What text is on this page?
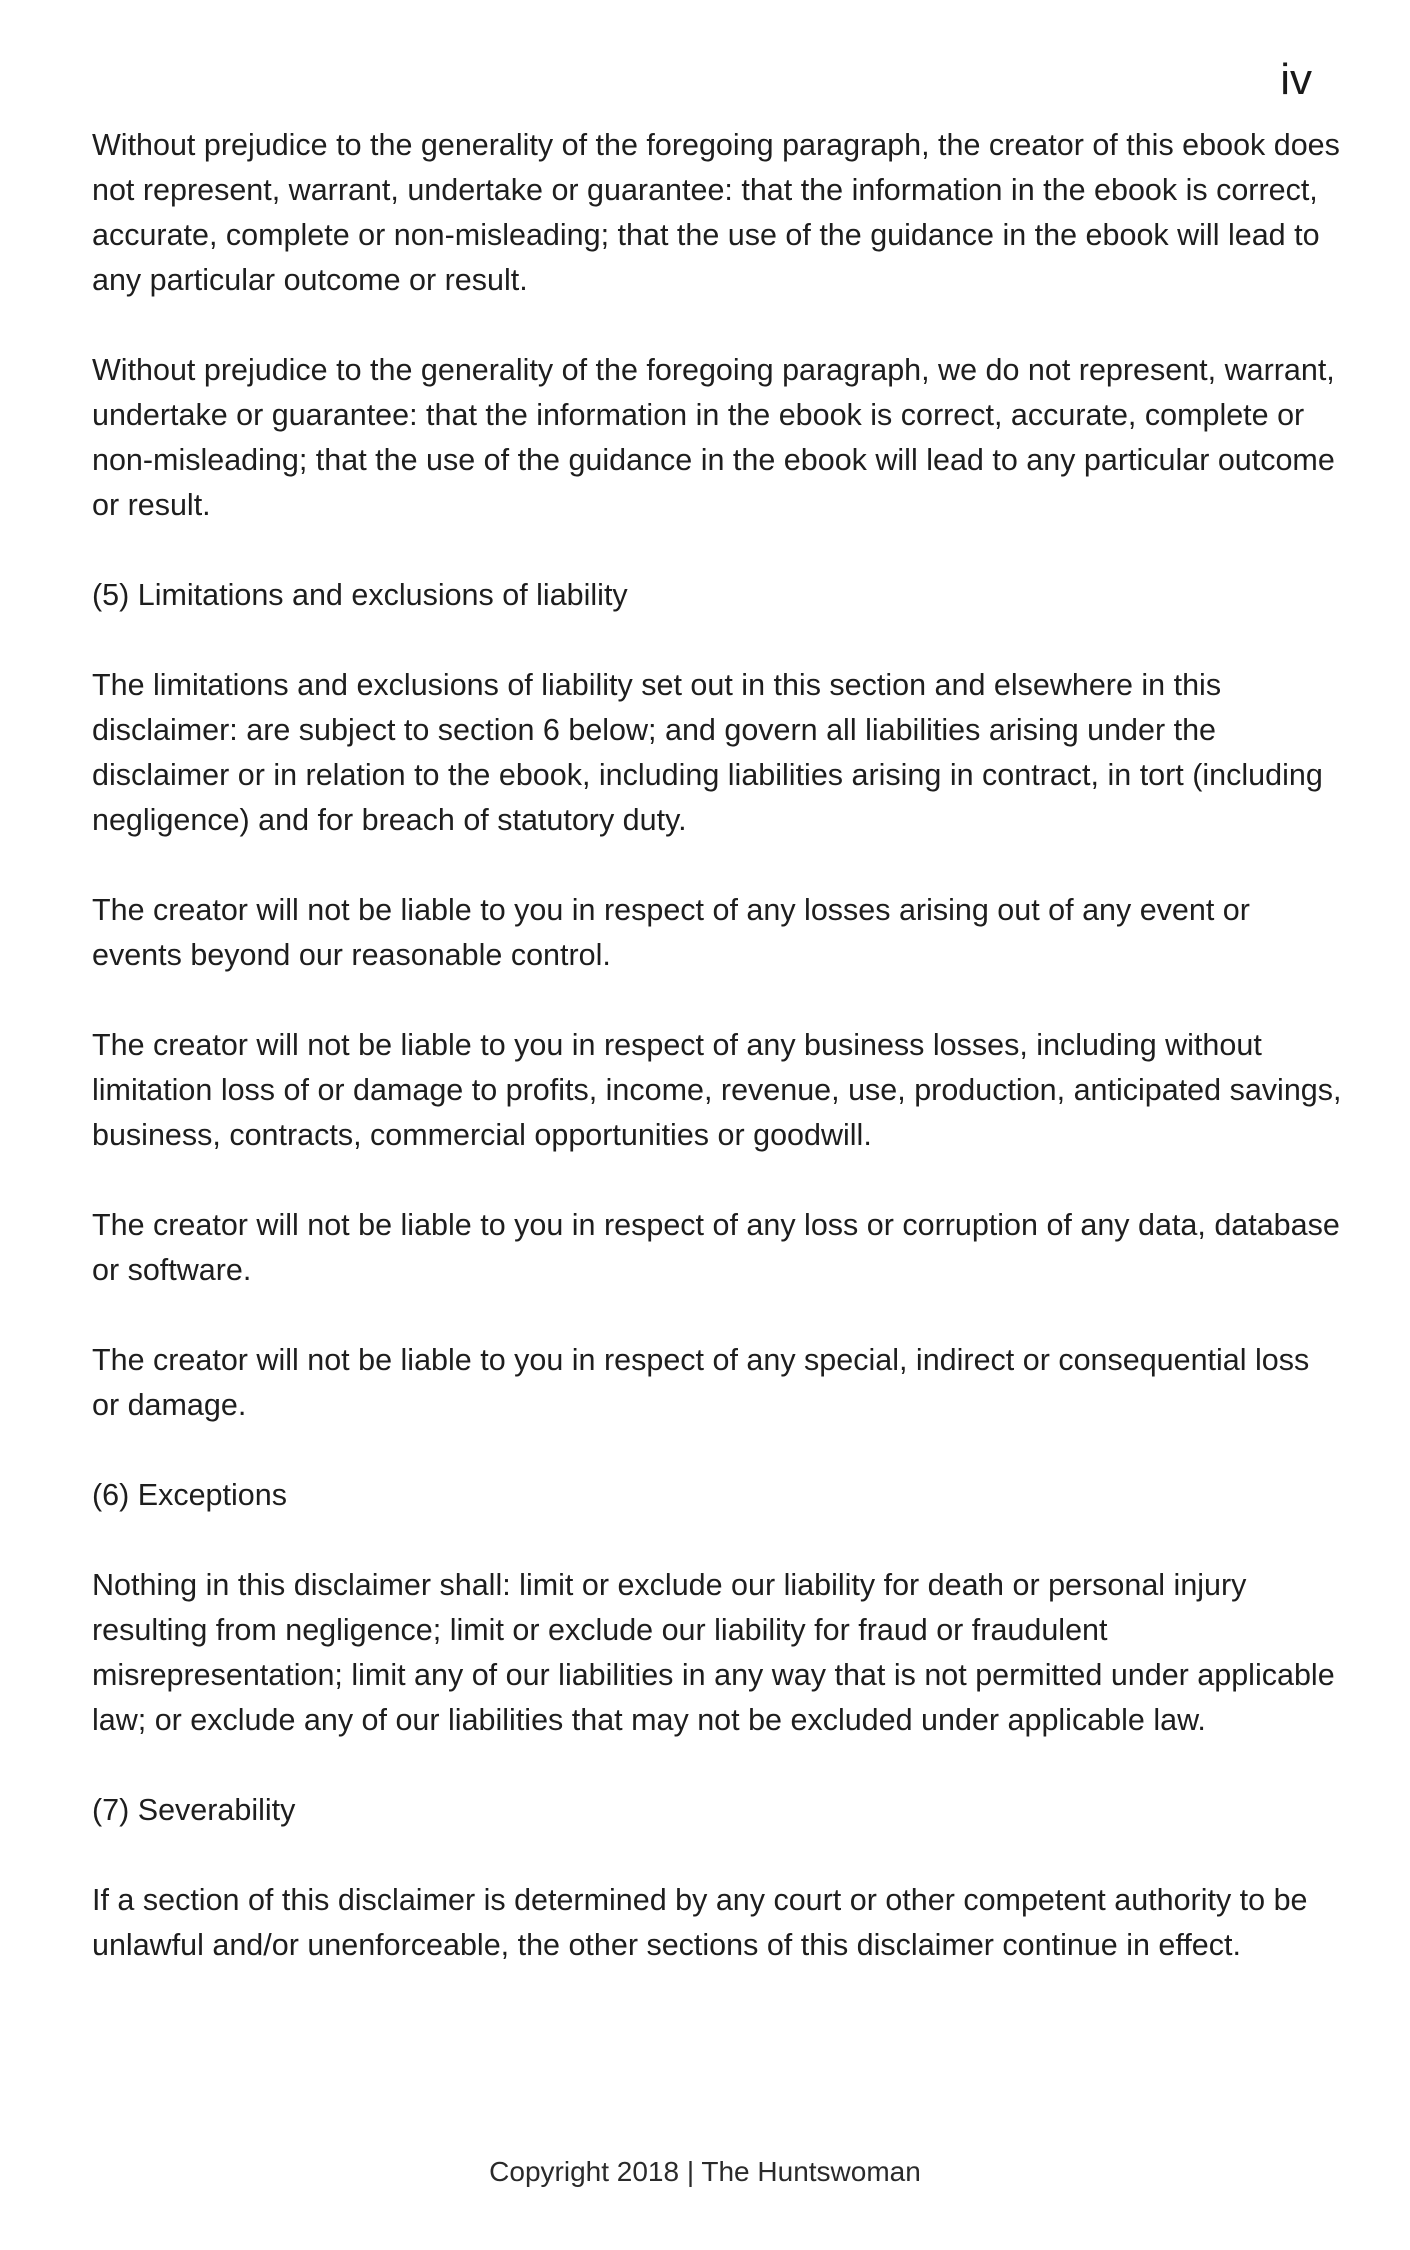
iv

Without prejudice to the generality of the foregoing paragraph, the creator of this ebook does  not represent, warrant, undertake or guarantee: that the information in the ebook is correct, accurate, complete or non-misleading; that the use of the guidance in the ebook will lead to any particular outcome or result.

Without prejudice to the generality of the foregoing paragraph, we do not represent, warrant, undertake or guarantee: that the information in the ebook is correct, accurate, complete or non-misleading; that the use of the guidance in the ebook will lead to any particular outcome or result.

(5) Limitations and exclusions of liability

The limitations and exclusions of liability set out in this section and elsewhere in this disclaimer: are subject to section 6 below; and govern all liabilities arising under the disclaimer or in relation to the ebook, including liabilities arising in contract, in tort (including negligence) and for breach of statutory duty.

The creator will not be liable to you in respect of any losses arising out of any event or events beyond our reasonable control.

The creator will not be liable to you in respect of any business losses, including without limitation loss of or damage to profits, income, revenue, use, production, anticipated savings, business, contracts, commercial opportunities or goodwill.

The creator will not be liable to you in respect of any loss or corruption of any data, database or software.

The creator will not be liable to you in respect of any special, indirect or consequential loss or damage.

(6) Exceptions

Nothing in this disclaimer shall: limit or exclude our liability for death or personal injury resulting from negligence; limit or exclude our liability for fraud or fraudulent misrepresentation; limit any of our liabilities in any way that is not permitted under applicable law; or exclude any of our liabilities that may not be excluded under applicable law.

(7) Severability

If a section of this disclaimer is determined by any court or other competent authority to be unlawful and/or unenforceable, the other sections of this disclaimer continue in effect.

Copyright 2018 | The Huntswoman
